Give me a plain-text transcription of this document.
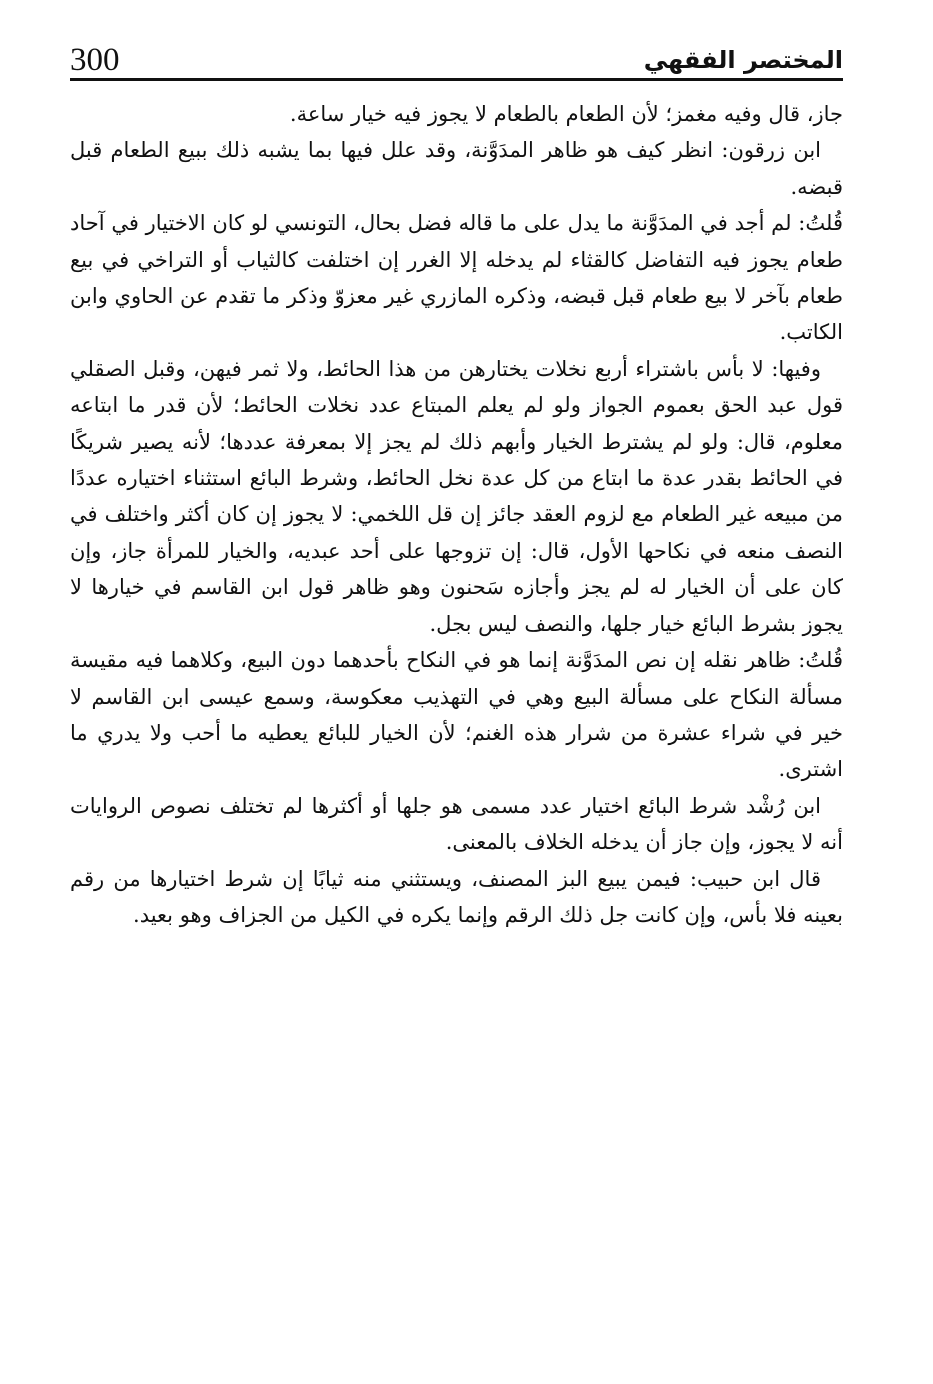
300	المختصر الفقهي

جاز، قال وفيه مغمز؛ لأن الطعام بالطعام لا يجوز فيه خيار ساعة.

ابن زرقون: انظر كيف هو ظاهر المدَوَّنة، وقد علل فيها بما يشبه ذلك ببيع الطعام قبل قبضه.

قُلتُ: لم أجد في المدَوَّنة ما يدل على ما قاله فضل بحال، التونسي لو كان الاختيار في آحاد طعام يجوز فيه التفاضل كالقثاء لم يدخله إلا الغرر إن اختلفت كالثياب أو التراخي في بيع طعام بآخر لا بيع طعام قبل قبضه، وذكره المازري غير معزوّ وذكر ما تقدم عن الحاوي وابن الكاتب.

وفيها: لا بأس باشتراء أربع نخلات يختارهن من هذا الحائط، ولا ثمر فيهن، وقبل الصقلي قول عبد الحق بعموم الجواز ولو لم يعلم المبتاع عدد نخلات الحائط؛ لأن قدر ما ابتاعه معلوم، قال: ولو لم يشترط الخيار وأبهم ذلك لم يجز إلا بمعرفة عددها؛ لأنه يصير شريكًا في الحائط بقدر عدة ما ابتاع من كل عدة نخل الحائط، وشرط البائع استثناء اختياره عددًا من مبيعه غير الطعام مع لزوم العقد جائز إن قل اللخمي: لا يجوز إن كان أكثر واختلف في النصف منعه في نكاحها الأول، قال: إن تزوجها على أحد عبديه، والخيار للمرأة جاز، وإن كان على أن الخيار له لم يجز وأجازه سَحنون وهو ظاهر قول ابن القاسم في خيارها لا يجوز بشرط البائع خيار جلها، والنصف ليس بجل.

قُلتُ: ظاهر نقله إن نص المدَوَّنة إنما هو في النكاح بأحدهما دون البيع، وكلاهما فيه مقيسة مسألة النكاح على مسألة البيع وهي في التهذيب معكوسة، وسمع عيسى ابن القاسم لا خير في شراء عشرة من شرار هذه الغنم؛ لأن الخيار للبائع يعطيه ما أحب ولا يدري ما اشترى.

ابن رُشْد شرط البائع اختيار عدد مسمى هو جلها أو أكثرها لم تختلف نصوص الروايات أنه لا يجوز، وإن جاز أن يدخله الخلاف بالمعنى.

قال ابن حبيب: فيمن يبيع البز المصنف، ويستثني منه ثيابًا إن شرط اختيارها من رقم بعينه فلا بأس، وإن كانت جل ذلك الرقم وإنما يكره في الكيل من الجزاف وهو بعيد.
